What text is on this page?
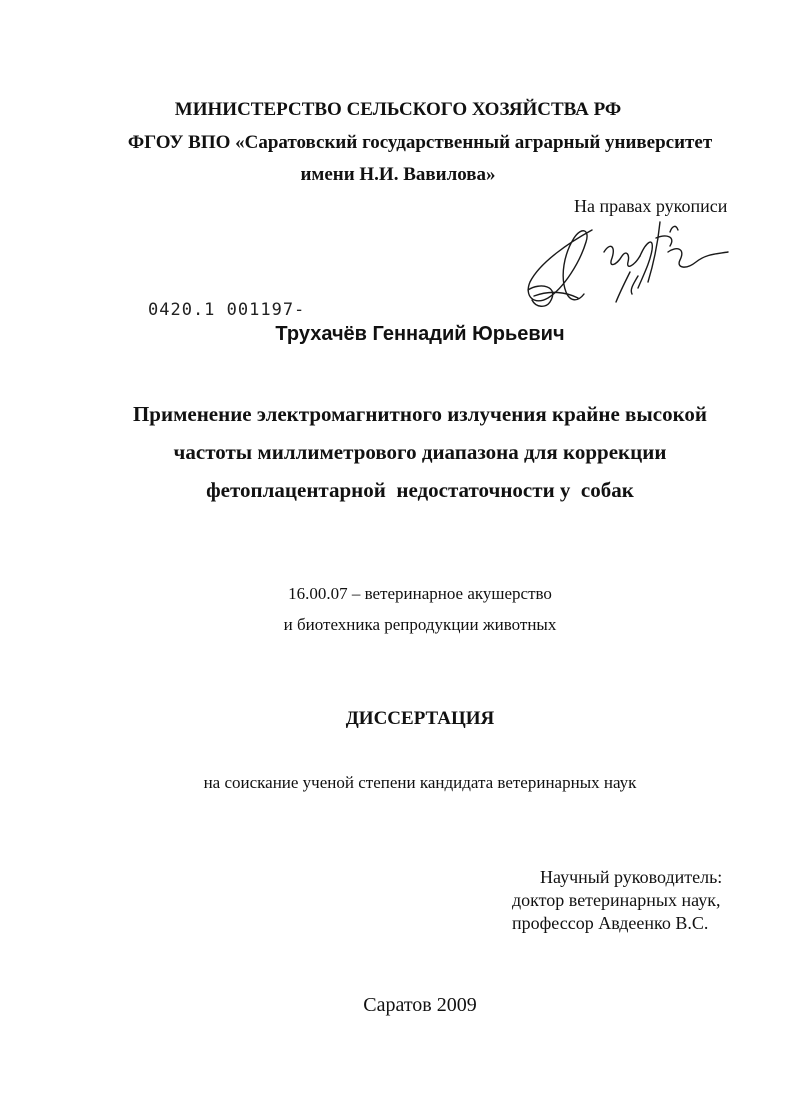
МИНИСТЕРСТВО СЕЛЬСКОГО ХОЗЯЙСТВА РФ
ФГОУ ВПО «Саратовский государственный аграрный университет
имени Н.И. Вавилова»
На правах рукописи
0420.1 001197-
Трухачёв Геннадий Юрьевич
Применение электромагнитного излучения крайне высокой
частоты миллиметрового диапазона для коррекции
фетоплацентарной  недостаточности у  собак
16.00.07 – ветеринарное акушерство
и биотехника репродукции животных
ДИССЕРТАЦИЯ
на соискание ученой степени кандидата ветеринарных наук
Научный руководитель:
доктор ветеринарных наук,
профессор Авдеенко В.С.
Саратов 2009
